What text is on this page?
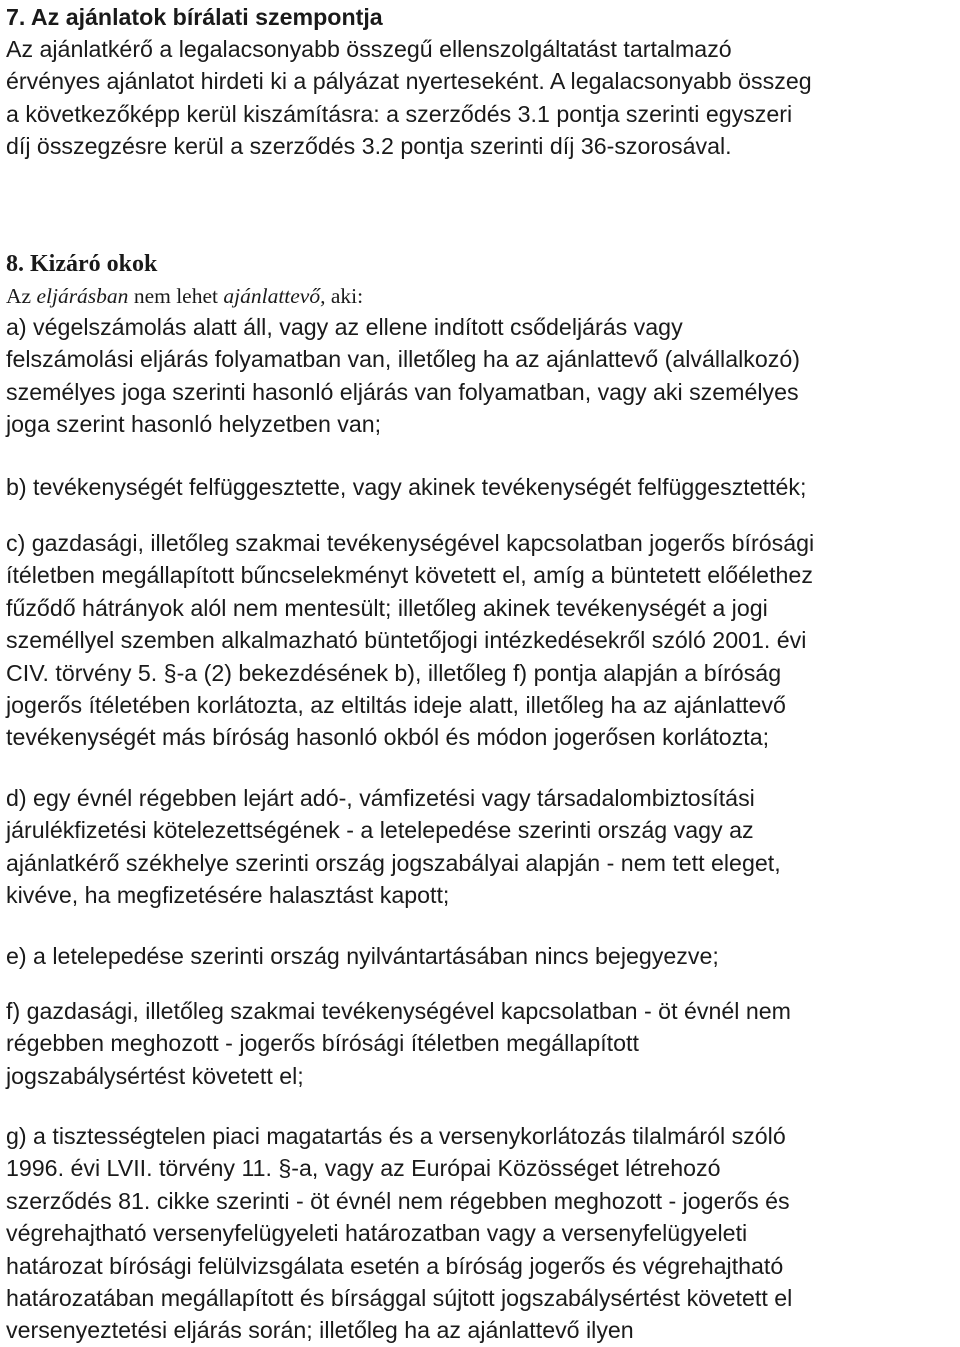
7. Az ajánlatok bírálati szempontja

Az ajánlatkérő a legalacsonyabb összegű ellenszolgáltatást tartalmazó
érvényes ajánlatot hirdeti ki a pályázat nyerteseként. A legalacsonyabb összeg
a következőképp kerül kiszámításra: a szerződés 3.1 pontja szerinti egyszeri
díj összegzésre kerül a szerződés 3.2 pontja szerinti díj 36-szorosával.

8. Kizáró okok

Az eljárásban nem lehet ajánlattevő, aki:

a) végelszámolás alatt áll, vagy az ellene indított csődeljárás vagy
felszámolási eljárás folyamatban van, illetőleg ha az ajánlattevő (alvállalkozó)
személyes joga szerinti hasonló eljárás van folyamatban, vagy aki személyes
joga szerint hasonló helyzetben van;

b) tevékenységét felfüggesztette, vagy akinek tevékenységét felfüggesztették;

c) gazdasági, illetőleg szakmai tevékenységével kapcsolatban jogerős bírósági
ítéletben megállapított bűncselekményt követett el, amíg a büntetett előélethez
fűződő hátrányok alól nem mentesült; illetőleg akinek tevékenységét a jogi
személlyel szemben alkalmazható büntetőjogi intézkedésekről szóló 2001. évi
CIV. törvény 5. §-a (2) bekezdésének b), illetőleg f) pontja alapján a bíróság
jogerős ítéletében korlátozta, az eltiltás ideje alatt, illetőleg ha az ajánlattevő
tevékenységét más bíróság hasonló okból és módon jogerősen korlátozta;

d) egy évnél régebben lejárt adó-, vámfizetési vagy társadalombiztosítási
járulékfizetési kötelezettségének - a letelepedése szerinti ország vagy az
ajánlatkérő székhelye szerinti ország jogszabályai alapján - nem tett eleget,
kivéve, ha megfizetésére halasztást kapott;

e) a letelepedése szerinti ország nyilvántartásában nincs bejegyezve;

f) gazdasági, illetőleg szakmai tevékenységével kapcsolatban - öt évnél nem
régebben meghozott - jogerős bírósági ítéletben megállapított
jogszabálysértést követett el;

g) a tisztességtelen piaci magatartás és a versenykorlátozás tilalmáról szóló
1996. évi LVII. törvény 11. §-a, vagy az Európai Közösséget létrehozó
szerződés 81. cikke szerinti - öt évnél nem régebben meghozott - jogerős és
végrehajtható versenyfelügyeleti határozatban vagy a versenyfelügyeleti
határozat bírósági felülvizsgálata esetén a bíróság jogerős és végrehajtható
határozatában megállapított és bírsággal sújtott jogszabálysértést követett el
versenyeztetési eljárás során; illetőleg ha az ajánlattevő ilyen
